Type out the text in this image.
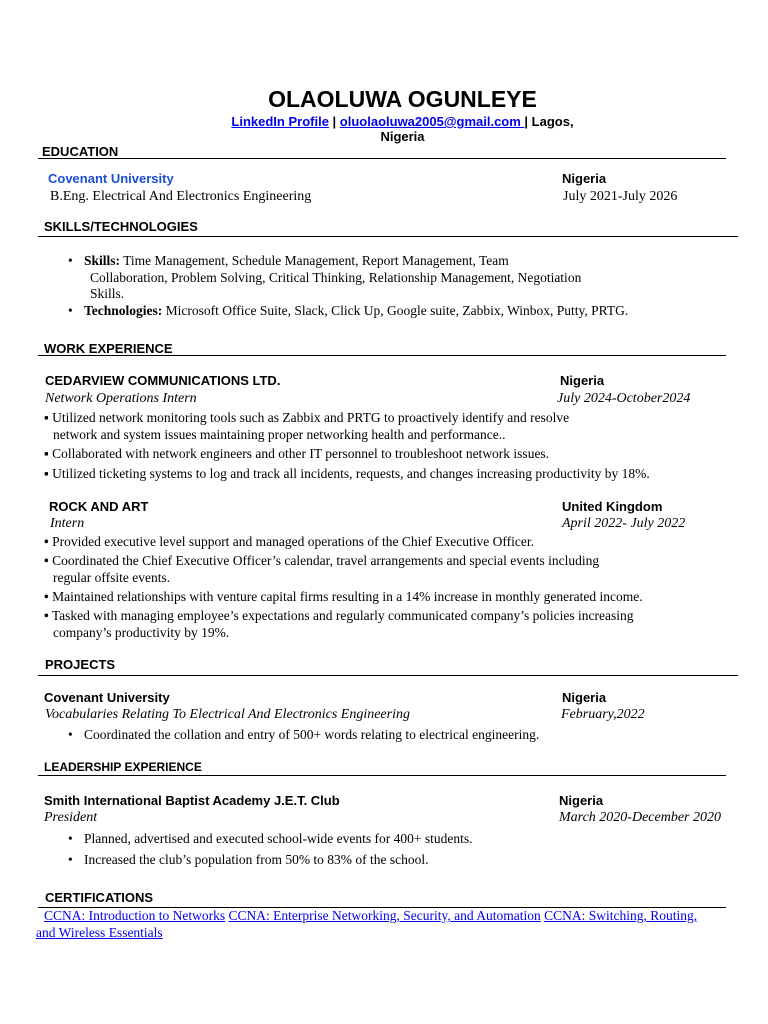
OLAOLUWA OGUNLEYE
LinkedIn Profile | oluolaoluwa2005@gmail.com | Lagos,
Nigeria
EDUCATION
Covenant University	Nigeria
B.Eng. Electrical And Electronics Engineering	July 2021-July 2026
SKILLS/TECHNOLOGIES
• Skills: Time Management, Schedule Management, Report Management, Team
Collaboration, Problem Solving, Critical Thinking, Relationship Management, Negotiation
Skills.
• Technologies: Microsoft Office Suite, Slack, Click Up, Google suite, Zabbix, Winbox, Putty, PRTG.
WORK EXPERIENCE
CEDARVIEW COMMUNICATIONS LTD.	Nigeria
Network Operations Intern	July 2024-October2024
▪ Utilized network monitoring tools such as Zabbix and PRTG to proactively identify and resolve
network and system issues maintaining proper networking health and performance..
▪ Collaborated with network engineers and other IT personnel to troubleshoot network issues.
▪ Utilized ticketing systems to log and track all incidents, requests, and changes increasing productivity by 18%.
ROCK AND ART	United Kingdom
Intern	April 2022- July 2022
• Provided executive level support and managed operations of the Chief Executive Officer.
• Coordinated the Chief Executive Officer’s calendar, travel arrangements and special events including
regular offsite events.
• Maintained relationships with venture capital firms resulting in a 14% increase in monthly generated income.
• Tasked with managing employee’s expectations and regularly communicated company’s policies increasing
company’s productivity by 19%.
PROJECTS
Covenant University	Nigeria
Vocabularies Relating To Electrical And Electronics Engineering	February,2022
• Coordinated the collation and entry of 500+ words relating to electrical engineering.
LEADERSHIP EXPERIENCE
Smith International Baptist Academy J.E.T. Club	Nigeria
President	March 2020-December 2020
• Planned, advertised and executed school-wide events for 400+ students.
• Increased the club’s population from 50% to 83% of the school.
CERTIFICATIONS
CCNA: Introduction to Networks CCNA: Enterprise Networking, Security, and Automation CCNA: Switching, Routing,
and Wireless Essentials
